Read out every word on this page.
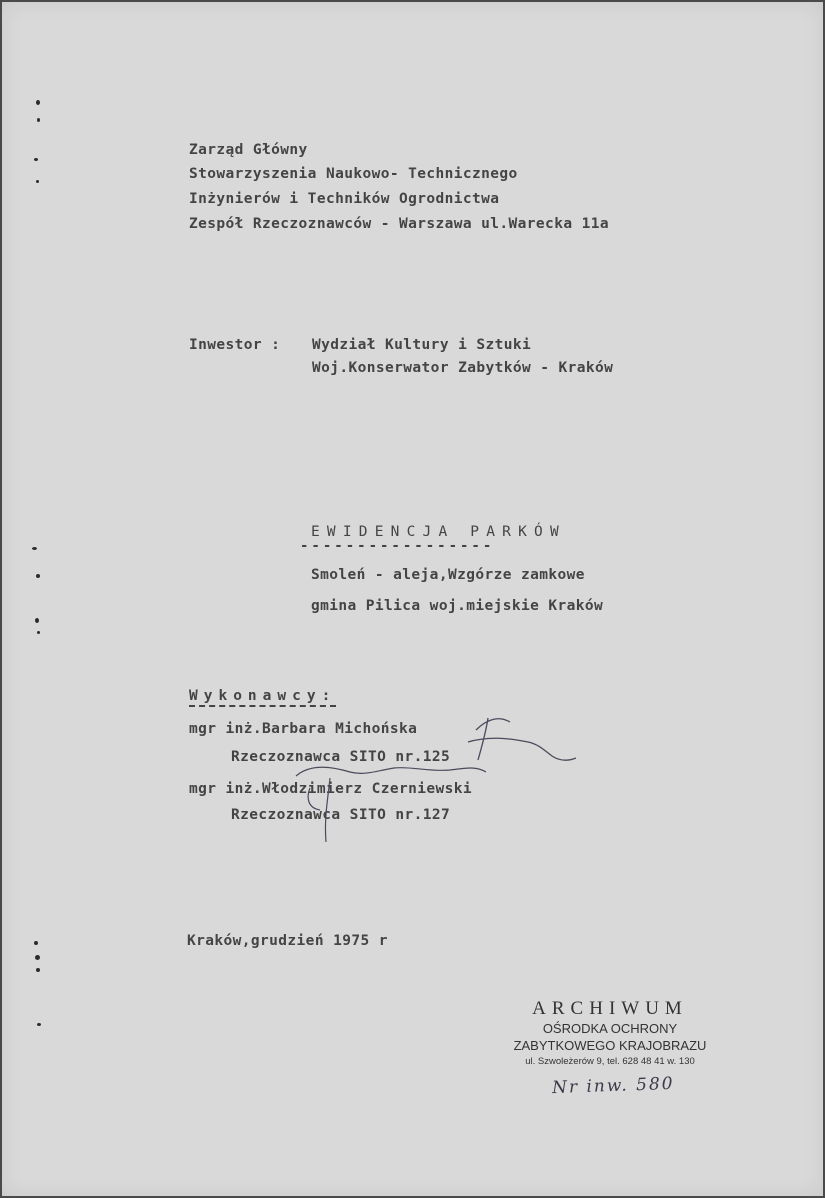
Zarząd Główny
Stowarzyszenia Naukowo- Technicznego
Inżynierów i Techników Ogrodnictwa
Zespół Rzeczoznawców - Warszawa ul.Warecka 11a
Inwestor : Wydział Kultury i Sztuki
Woj.Konserwator Zabytków - Kraków
EWIDENCJA PARKÓW
-----------------
Smoleń - aleja,Wzgórze zamkowe
gmina Pilica woj.miejskie Kraków
Wykonawcy:
mgr inż.Barbara Michońska
Rzeczoznawca SITO nr.125
mgr inż.Włodzimierz Czerniewski
Rzeczoznawca SITO nr.127
Kraków,grudzień 1975 r
ARCHIWUM
OŚRODKA OCHRONY
ZABYTKOWEGO KRAJOBRAZU
ul. Szwoleżerów 9, tel. 628 48 41 w. 130
Nr inw. 580
